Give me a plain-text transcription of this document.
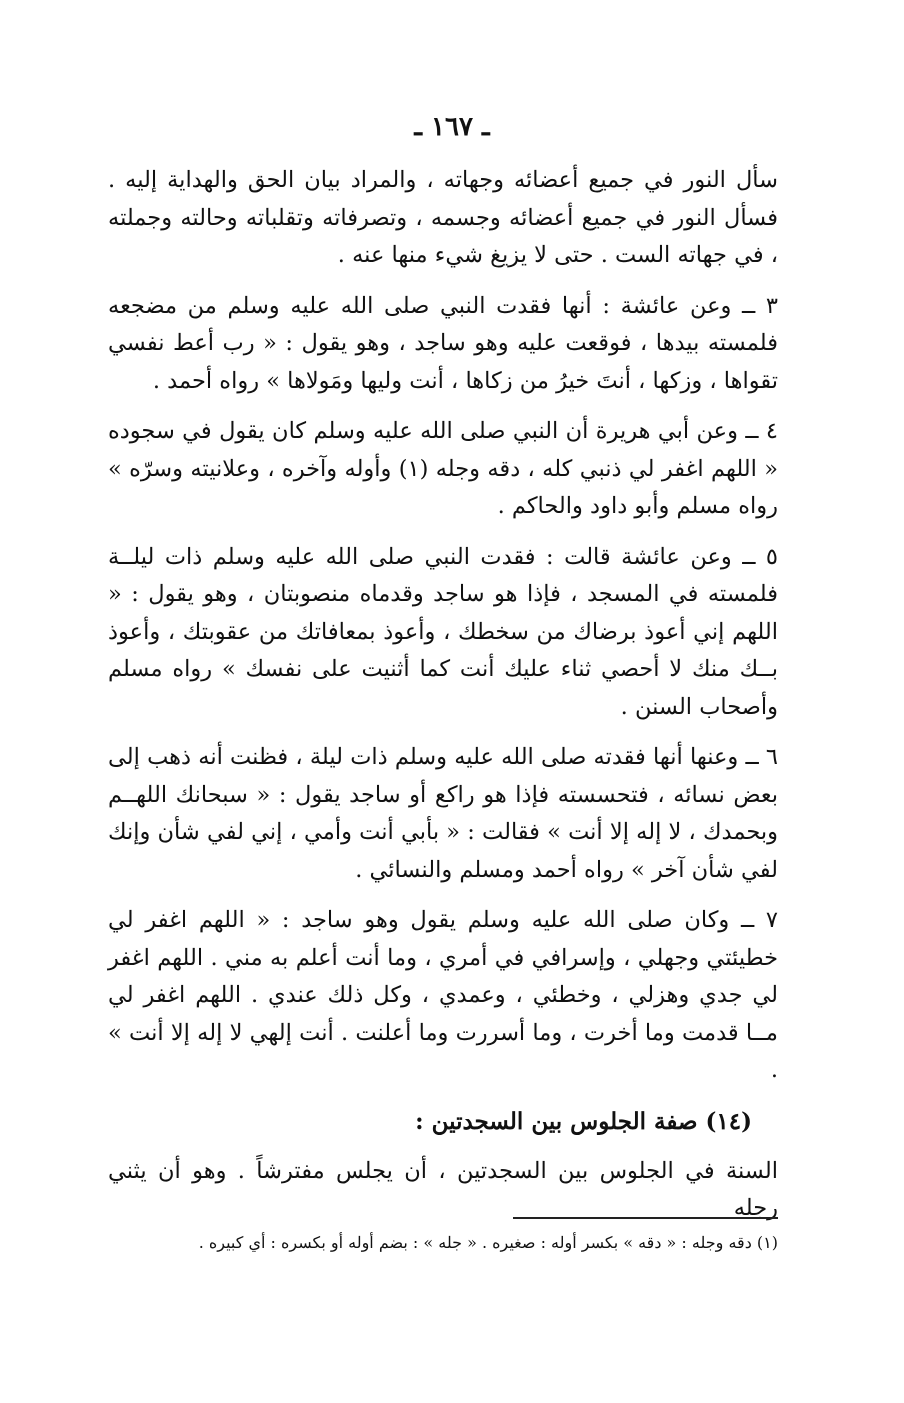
ـ ١٦٧ ـ

سأل النور في جميع أعضائه وجهاته ، والمراد بيان الحق والهداية إليه . فسأل النور في جميع أعضائه وجسمه ، وتصرفاته وتقلباته وحالته وجملته ، في جهاته الست . حتى لا يزيغ شيء منها عنه .

٣ ــ وعن عائشة : أنها فقدت النبي صلى الله عليه وسلم من مضجعه فلمسته بيدها ، فوقعت عليه وهو ساجد ، وهو يقول : « رب أعط نفسي تقواها ، وزكها ، أنتَ خيرُ من زكاها ، أنت وليها ومَولاها » رواه أحمد .

٤ ــ وعن أبي هريرة أن النبي صلى الله عليه وسلم كان يقول في سجوده « اللهم اغفر لي ذنبي كله ، دقه وجله (١) وأوله وآخره ، وعلانيته وسرّه » رواه مسلم وأبو داود والحاكم .

٥ ــ وعن عائشة قالت : فقدت النبي صلى الله عليه وسلم ذات ليلــة فلمسته في المسجد ، فإذا هو ساجد وقدماه منصوبتان ، وهو يقول : « اللهم إني أعوذ برضاك من سخطك ، وأعوذ بمعافاتك من عقوبتك ، وأعوذ بــك منك لا أحصي ثناء عليك أنت كما أثنيت على نفسك » رواه مسلم وأصحاب السنن .

٦ ــ وعنها أنها فقدته صلى الله عليه وسلم ذات ليلة ، فظنت أنه ذهب إلى بعض نسائه ، فتحسسته فإذا هو راكع أو ساجد يقول : « سبحانك اللهــم وبحمدك ، لا إله إلا أنت » فقالت : « بأبي أنت وأمي ، إني لفي شأن وإنك لفي شأن آخر » رواه أحمد ومسلم والنسائي .

٧ ــ وكان صلى الله عليه وسلم يقول وهو ساجد : « اللهم اغفر لي خطيئتي وجهلي ، وإسرافي في أمري ، وما أنت أعلم به مني . اللهم اغفر لي جدي وهزلي ، وخطئي ، وعمدي ، وكل ذلك عندي . اللهم اغفر لي مــا قدمت وما أخرت ، وما أسررت وما أعلنت . أنت إلهي لا إله إلا أنت » .

(١٤) صفة الجلوس بين السجدتين :

السنة في الجلوس بين السجدتين ، أن يجلس مفترشاً . وهو أن يثني رجله

(١) دقه وجله : « دقه » بكسر أوله : صغيره . « جله » : بضم أوله أو بكسره : أي كبيره .
